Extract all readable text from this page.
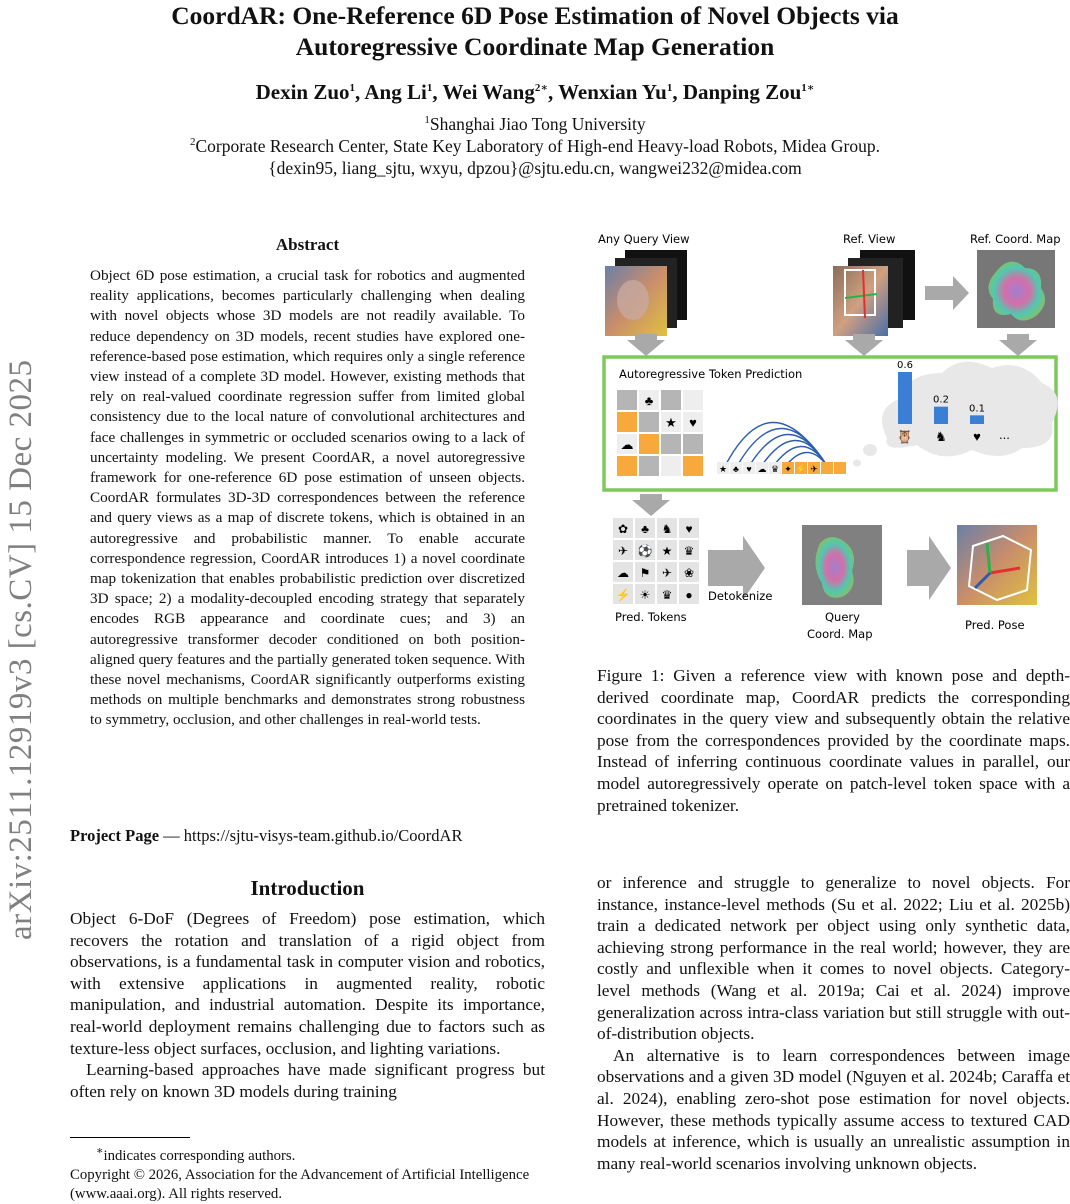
arXiv:2511.12919v3 [cs.CV] 15 Dec 2025
CoordAR: One-Reference 6D Pose Estimation of Novel Objects via
Autoregressive Coordinate Map Generation
Dexin Zuo$^1$, Ang Li$^1$, Wei Wang$^{2∗}$, Wenxian Yu$^1$, Danping Zou$^{1∗}$
$^1$Shanghai Jiao Tong University
$^2$Corporate Research Center, State Key Laboratory of High-end Heavy-load Robots, Midea Group.
{dexin95, liang_sjtu, wxyu, dpzou}@sjtu.edu.cn, wangwei232@midea.com
Abstract
Object 6D pose estimation, a crucial task for robotics and augmented reality applications, becomes particularly challenging when dealing with novel objects whose 3D models are not readily available. To reduce dependency on 3D models, recent studies have explored one-reference-based pose estimation, which requires only a single reference view instead of a complete 3D model. However, existing methods that rely on real-valued coordinate regression suffer from limited global consistency due to the local nature of convolutional architectures and face challenges in symmetric or occluded scenarios owing to a lack of uncertainty modeling. We present CoordAR, a novel autoregressive framework for one-reference 6D pose estimation of unseen objects. CoordAR formulates 3D-3D correspondences between the reference and query views as a map of discrete tokens, which is obtained in an autoregressive and probabilistic manner. To enable accurate correspondence regression, CoordAR introduces 1) a novel coordinate map tokenization that enables probabilistic prediction over discretized 3D space; 2) a modality-decoupled encoding strategy that separately encodes RGB appearance and coordinate cues; and 3) an autoregressive transformer decoder conditioned on both position-aligned query features and the partially generated token sequence. With these novel mechanisms, CoordAR significantly outperforms existing methods on multiple benchmarks and demonstrates strong robustness to symmetry, occlusion, and other challenges in real-world tests.
Project Page — https://sjtu-visys-team.github.io/CoordAR
Introduction

Object 6-DoF (Degrees of Freedom) pose estimation, which recovers the rotation and translation of a rigid object from observations, is a fundamental task in computer vision and robotics, with extensive applications in augmented reality, robotic manipulation, and industrial automation. Despite its importance, real-world deployment remains challenging due to factors such as texture-less object surfaces, occlusion, and lighting variations.

Learning-based approaches have made significant progress but often rely on known 3D models during training

∗indicates corresponding authors.
Copyright © 2026, Association for the Advancement of Artificial Intelligence (www.aaai.org). All rights reserved.

or inference and struggle to generalize to novel objects. For instance, instance-level methods (Su et al. 2022; Liu et al. 2025b) train a dedicated network per object using only synthetic data, achieving strong performance in the real world; however, they are costly and unflexible when it comes to novel objects. Category-level methods (Wang et al. 2019a; Cai et al. 2024) improve generalization across intra-class variation but still struggle with out-of-distribution objects.

An alternative is to learn correspondences between image observations and a given 3D model (Nguyen et al. 2024b; Caraffa et al. 2024), enabling zero-shot pose estimation for novel objects. However, these methods typically assume access to textured CAD models at inference, which is usually an unrealistic assumption in many real-world scenarios involving unknown objects.

Figure 1: Given a reference view with known pose and depth-derived coordinate map, CoordAR predicts the corresponding coordinates in the query view and subsequently obtain the relative pose from the correspondences provided by the coordinate maps. Instead of inferring continuous coordinate values in parallel, our model autoregressively operate on patch-level token space with a pretrained tokenizer.
Any Query View	Ref. View	Ref. Coord. Map
Autoregressive Token Prediction
♣
★ ♥
☁
★ ♣ ♥ ☁ ♛ ✦ ⚡ ✈
0.6
0.2
0.1
🦉 ♞ ♥ ...
✿ ♣ ♞ ♥
✈ ⚽ ★ ♛
☁ ⚑ ✈ ❀
⚡ ☀ ♛ ●
Pred. Tokens
Detokenize
Query
Coord. Map
Pred. Pose
